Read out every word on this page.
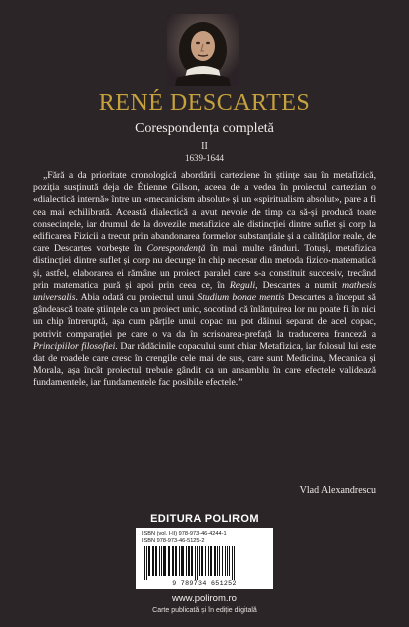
RENÉ DESCARTES
Corespondența completă
II
1639-1644

„Fără a da prioritate cronologică abordării carteziene în științe sau în metafizică, poziția susținută deja de Étienne Gilson, aceea de a vedea în proiectul cartezian o «dialectică internă» între un «mecanicism absolut» și un «spiritualism absolut», pare a fi cea mai echilibrată. Această dialectică a avut nevoie de timp ca să-și producă toate consecințele, iar drumul de la dovezile metafizice ale distincției dintre suflet și corp la edificarea Fizicii a trecut prin abandonarea formelor substanțiale și a calităților reale, de care Descartes vorbește în Corespondență în mai multe rânduri. Totuși, metafizica distincției dintre suflet și corp nu decurge în chip necesar din metoda fizico-matematică și, astfel, elaborarea ei rămâne un proiect paralel care s-a constituit succesiv, trecând prin matematica pură și apoi prin ceea ce, în Reguli, Descartes a numit mathesis universalis. Abia odată cu proiectul unui Studium bonae mentis Descartes a început să gândească toate științele ca un proiect unic, socotind că înlănțuirea lor nu poate fi în nici un chip întreruptă, așa cum părțile unui copac nu pot dăinui separat de acel copac, potrivit comparației pe care o va da în scrisoarea-prefață la traducerea franceză a Principiilor filosofiei. Dar rădăcinile copacului sunt chiar Metafizica, iar folosul lui este dat de roadele care cresc în crengile cele mai de sus, care sunt Medicina, Mecanica și Morala, așa încât proiectul trebuie gândit ca un ansamblu în care efectele validează fundamentele, iar fundamentele fac posibile efectele.”

Vlad Alexandrescu
EDITURA POLIROM
ISBN (vol. I-II) 978-973-46-4244-1
ISBN 978-973-46-5125-2
9 789734 651252
www.polirom.ro
Carte publicată și în ediție digitală
